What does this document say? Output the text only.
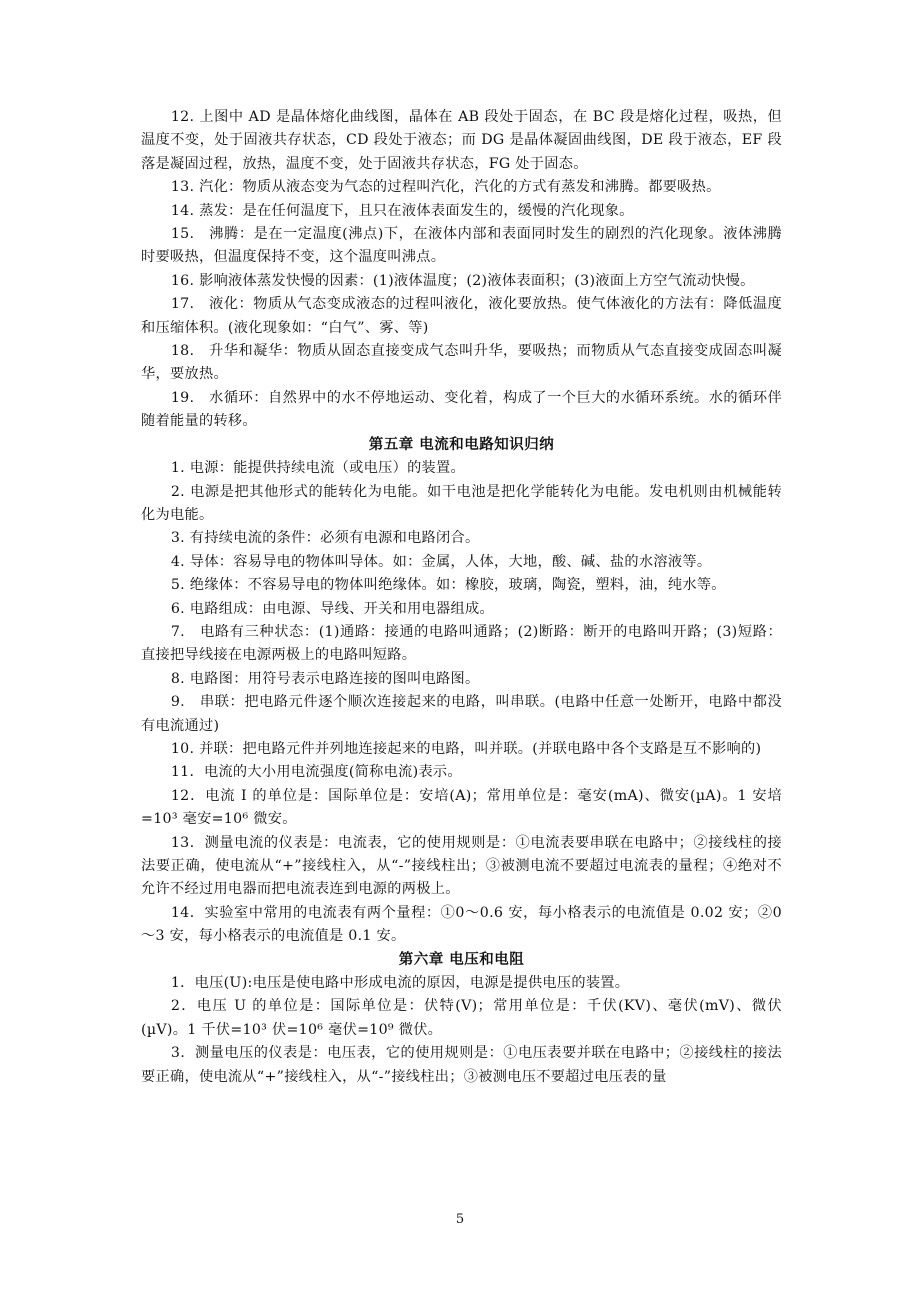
12. 上图中 AD 是晶体熔化曲线图，晶体在 AB 段处于固态，在 BC 段是熔化过程，吸热，但温度不变，处于固液共存状态，CD 段处于液态；而 DG 是晶体凝固曲线图，DE 段于液态，EF 段落是凝固过程，放热，温度不变，处于固液共存状态，FG 处于固态。

13. 汽化：物质从液态变为气态的过程叫汽化，汽化的方式有蒸发和沸腾。都要吸热。

14. 蒸发：是在任何温度下，且只在液体表面发生的，缓慢的汽化现象。

15.　沸腾：是在一定温度(沸点)下，在液体内部和表面同时发生的剧烈的汽化现象。液体沸腾时要吸热，但温度保持不变，这个温度叫沸点。

16. 影响液体蒸发快慢的因素：(1)液体温度；(2)液体表面积；(3)液面上方空气流动快慢。

17.　液化：物质从气态变成液态的过程叫液化，液化要放热。使气体液化的方法有：降低温度和压缩体积。(液化现象如：“白气”、雾、等)

18.　升华和凝华：物质从固态直接变成气态叫升华，要吸热；而物质从气态直接变成固态叫凝华，要放热。

19.　水循环：自然界中的水不停地运动、变化着，构成了一个巨大的水循环系统。水的循环伴随着能量的转移。

第五章 电流和电路知识归纳

1. 电源：能提供持续电流（或电压）的装置。

2. 电源是把其他形式的能转化为电能。如干电池是把化学能转化为电能。发电机则由机械能转化为电能。

3. 有持续电流的条件：必须有电源和电路闭合。

4. 导体：容易导电的物体叫导体。如：金属，人体，大地，酸、碱、盐的水溶液等。

5. 绝缘体：不容易导电的物体叫绝缘体。如：橡胶，玻璃，陶瓷，塑料，油，纯水等。

6. 电路组成：由电源、导线、开关和用电器组成。

7.　电路有三种状态：(1)通路：接通的电路叫通路；(2)断路：断开的电路叫开路；(3)短路：直接把导线接在电源两极上的电路叫短路。

8. 电路图：用符号表示电路连接的图叫电路图。

9.　串联：把电路元件逐个顺次连接起来的电路，叫串联。(电路中任意一处断开，电路中都没有电流通过)

10. 并联：把电路元件并列地连接起来的电路，叫并联。(并联电路中各个支路是互不影响的)

11．电流的大小用电流强度(简称电流)表示。

12．电流 I 的单位是：国际单位是：安培(A)；常用单位是：毫安(mA)、微安(µA)。1 安培=10³ 毫安=10⁶ 微安。

13．测量电流的仪表是：电流表，它的使用规则是：①电流表要串联在电路中；②接线柱的接法要正确，使电流从“+”接线柱入，从“-”接线柱出；③被测电流不要超过电流表的量程；④绝对不允许不经过用电器而把电流表连到电源的两极上。

14．实验室中常用的电流表有两个量程：①0～0.6 安，每小格表示的电流值是 0.02 安；②0～3 安，每小格表示的电流值是 0.1 安。

第六章 电压和电阻

1．电压(U):电压是使电路中形成电流的原因，电源是提供电压的装置。

2．电压 U 的单位是：国际单位是：伏特(V)；常用单位是：千伏(KV)、毫伏(mV)、微伏(µV)。1 千伏=10³ 伏=10⁶ 毫伏=10⁹ 微伏。

3．测量电压的仪表是：电压表，它的使用规则是：①电压表要并联在电路中；②接线柱的接法要正确，使电流从“+”接线柱入，从“-”接线柱出；③被测电压不要超过电压表的量

5
